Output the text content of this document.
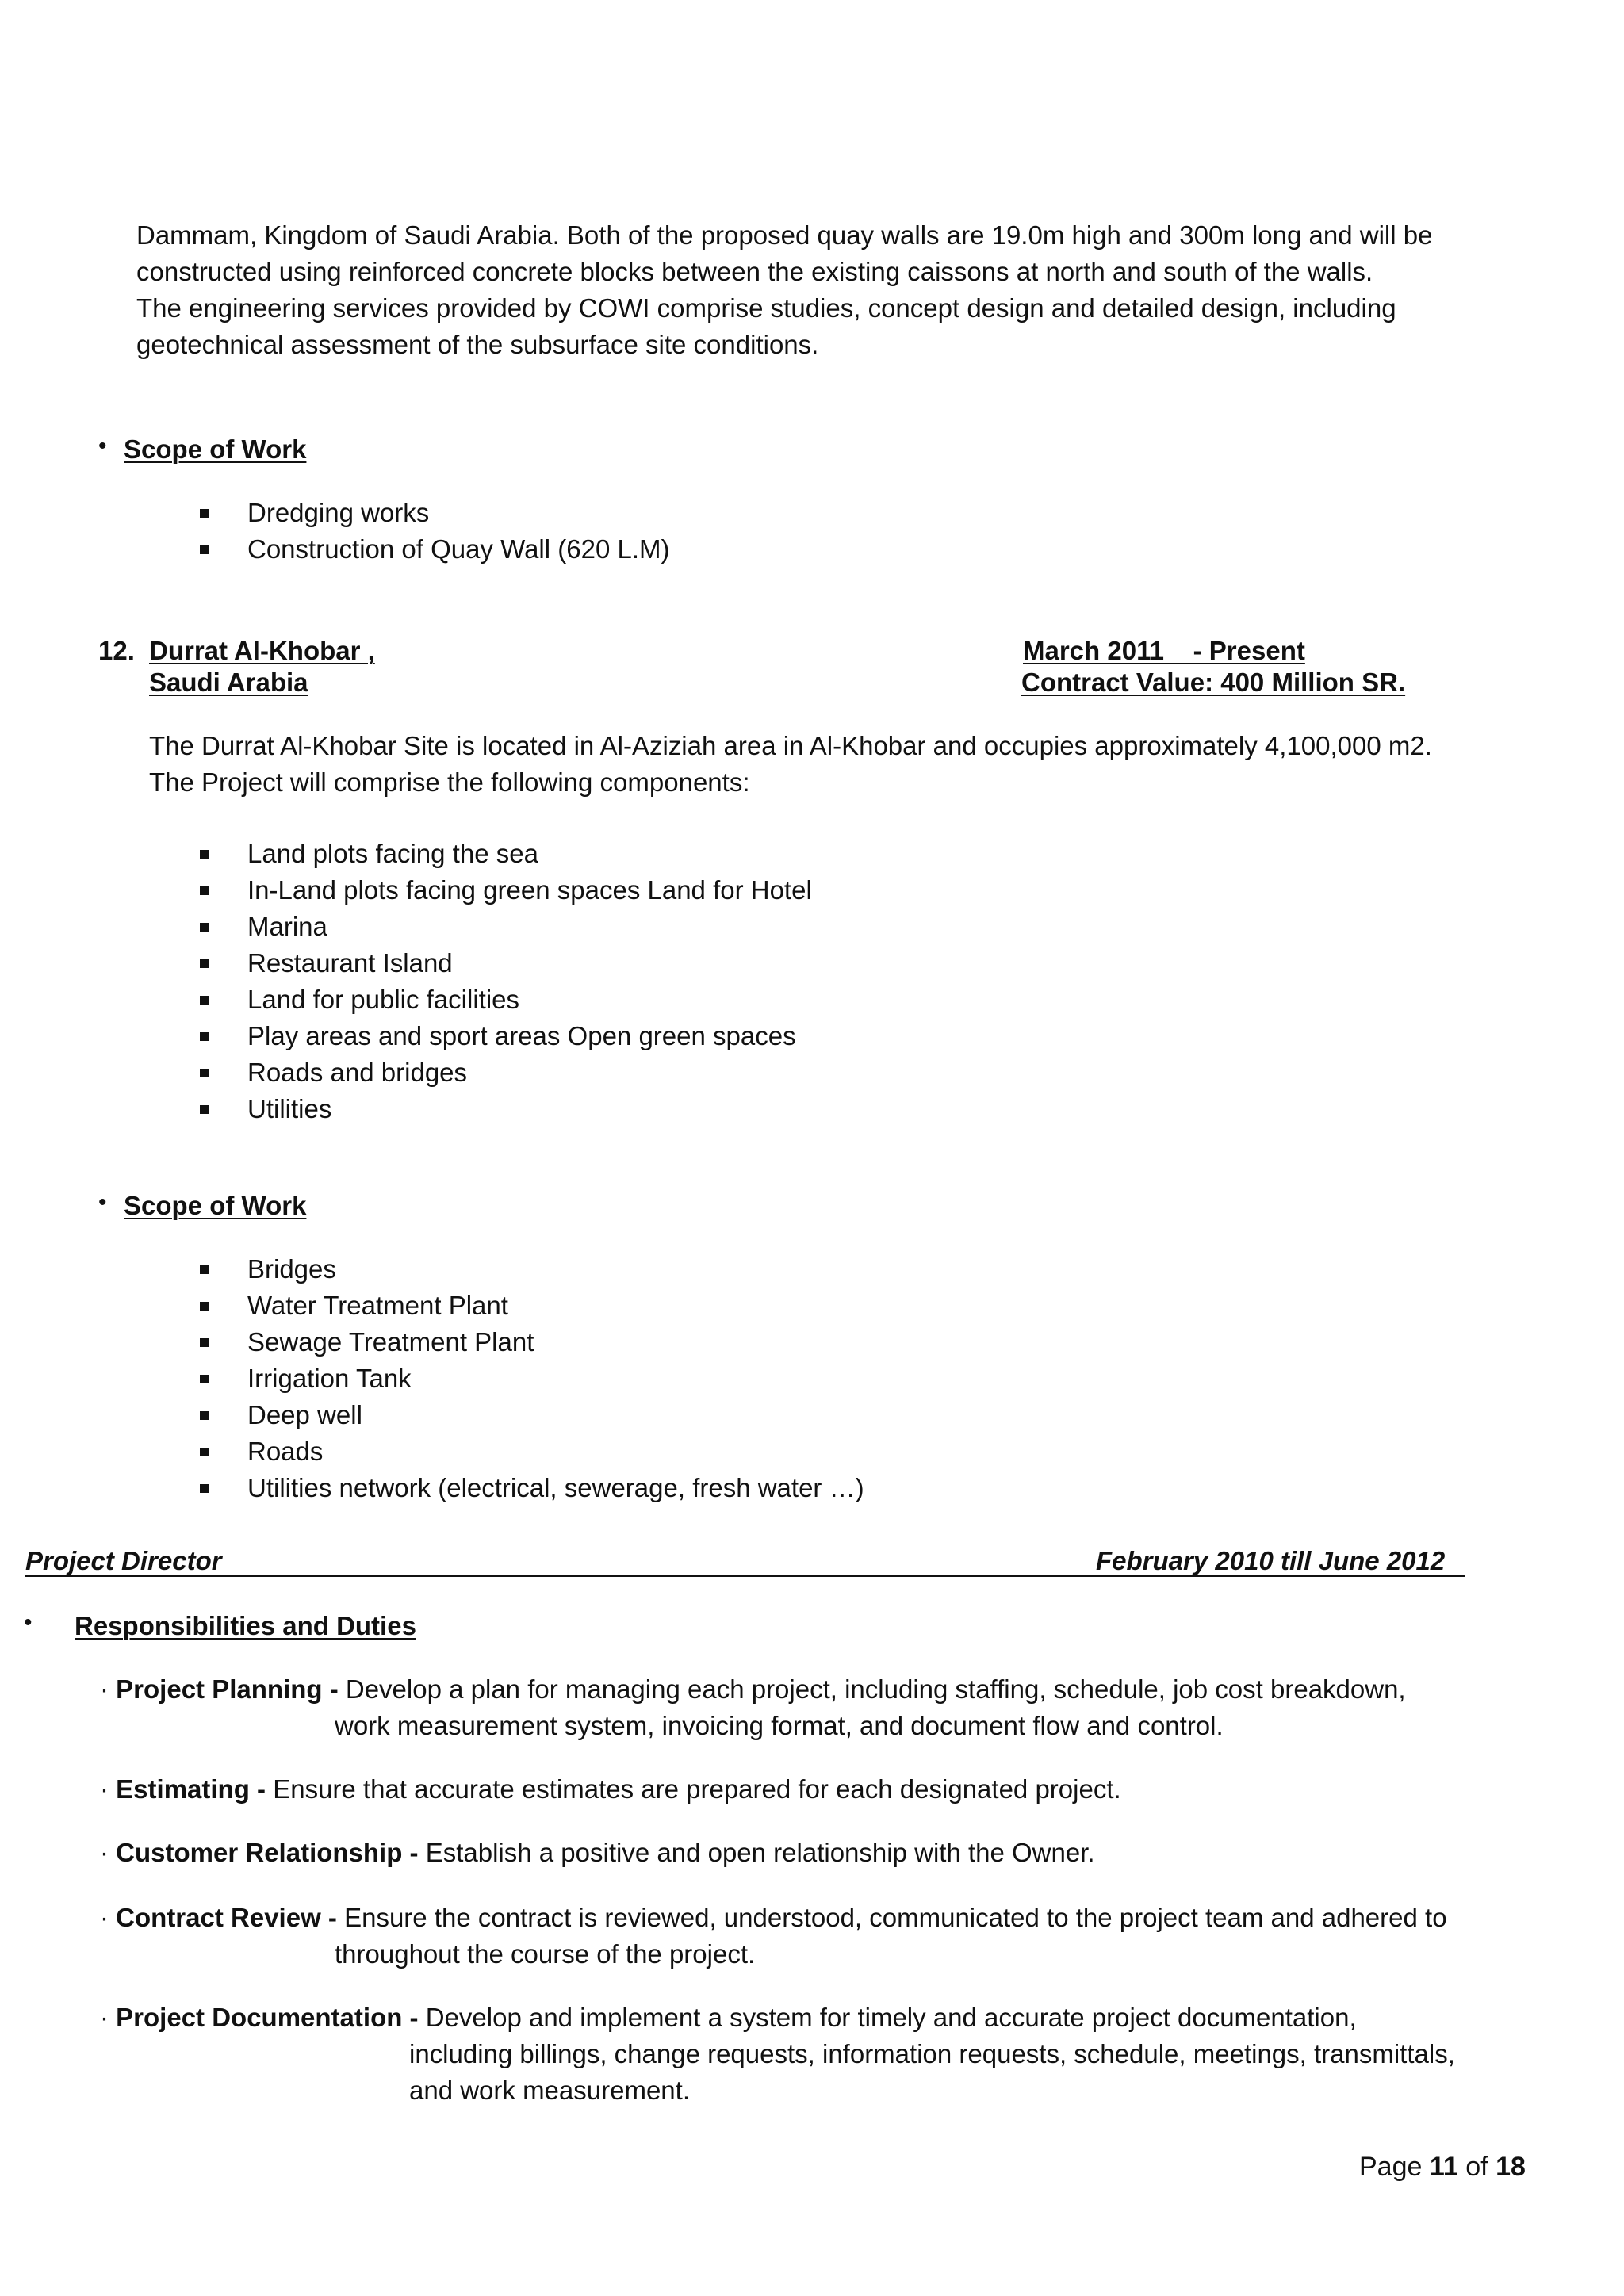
Dammam, Kingdom of Saudi Arabia. Both of the proposed quay walls are 19.0m high and 300m long and will be
constructed using reinforced concrete blocks between the existing caissons at north and south of the walls.
The engineering services provided by COWI comprise studies, concept design and detailed design, including
geotechnical assessment of the subsurface site conditions.
• Scope of Work
Dredging works
Construction of Quay Wall (620 L.M)
12. Durrat Al-Khobar ,
Saudi Arabia
March 2011    - Present
Contract Value: 400 Million SR.
The Durrat Al-Khobar Site is located in Al-Aziziah area in Al-Khobar and occupies approximately 4,100,000 m2.
The Project will comprise the following components:
Land plots facing the sea
In-Land plots facing green spaces Land for Hotel
Marina
Restaurant Island
Land for public facilities
Play areas and sport areas Open green spaces
Roads and bridges
Utilities
• Scope of Work
Bridges
Water Treatment Plant
Sewage Treatment Plant
Irrigation Tank
Deep well
Roads
Utilities network (electrical, sewerage, fresh water …)
Project Director	February 2010 till June 2012
• Responsibilities and Duties
· Project Planning - Develop a plan for managing each project, including staffing, schedule, job cost breakdown,
work measurement system, invoicing format, and document flow and control.
· Estimating - Ensure that accurate estimates are prepared for each designated project.
· Customer Relationship - Establish a positive and open relationship with the Owner.
· Contract Review - Ensure the contract is reviewed, understood, communicated to the project team and adhered to
throughout the course of the project.
· Project Documentation - Develop and implement a system for timely and accurate project documentation,
including billings, change requests, information requests, schedule, meetings, transmittals,
and work measurement.
Page 11 of 18
